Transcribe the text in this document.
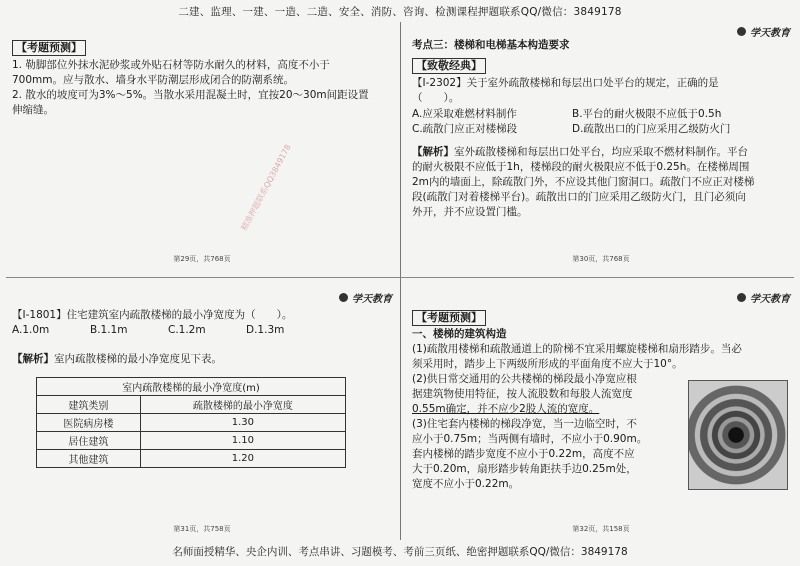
二建、监理、一建、一造、二造、安全、消防、咨询、检测课程押题联系QQ/微信：3849178
【考题预测】
1. 勒脚部位外抹水泥砂浆或外贴石材等防水耐久的材料，高度不小于
700mm。应与散水、墙身水平防潮层形成闭合的防潮系统。
2. 散水的坡度可为3%～5%。当散水采用混凝土时，宜按20～30m间距设置
伸缩缝。
精准押题联系QQ3849178
第29页，共768页
学天教育
考点三：楼梯和电梯基本构造要求
【致敬经典】
【Ⅰ-2302】关于室外疏散楼梯和每层出口处平台的规定，正确的是
（　　）。
A.应采取难燃材料制作	B.平台的耐火极限不应低于0.5h
C.疏散门应正对楼梯段	D.疏散出口的门应采用乙级防火门
【解析】室外疏散楼梯和每层出口处平台，均应采取不燃材料制作。平台
的耐火极限不应低于1h，楼梯段的耐火极限应不低于0.25h。在楼梯周围
2m内的墙面上，除疏散门外，不应设其他门窗洞口。疏散门不应正对楼梯
段(疏散门对着楼梯平台)。疏散出口的门应采用乙级防火门，且门必须向
外开，并不应设置门槛。
第30页，共768页
学天教育
【Ⅰ-1801】住宅建筑室内疏散楼梯的最小净宽度为（　　）。
A.1.0m	B.1.1m	C.1.2m	D.1.3m
【解析】室内疏散楼梯的最小净宽度见下表。
室内疏散楼梯的最小净宽度(m)	
建筑类别	疏散楼梯的最小净宽度
医院病房楼	1.30
居住建筑	1.10
其他建筑	1.20
第31页，共758页
学天教育
【考题预测】
一、楼梯的建筑构造
(1)疏散用楼梯和疏散通道上的阶梯不宜采用螺旋楼梯和扇形踏步。当必
须采用时，踏步上下两级所形成的平面角度不应大于10°。
(2)供日常交通用的公共楼梯的梯段最小净宽应根
据建筑物使用特征，按人流股数和每股人流宽度
0.55m确定，并不应少2股人流的宽度。
(3)住宅套内楼梯的梯段净宽，当一边临空时，不
应小于0.75m；当两侧有墙时，不应小于0.90m。
套内楼梯的踏步宽度不应小于0.22m，高度不应
大于0.20m，扇形踏步转角距扶手边0.25m处，
宽度不应小于0.22m。
第32页，共158页
名师面授精华、央企内训、考点串讲、习题模考、考前三页纸、绝密押题联系QQ/微信：3849178
